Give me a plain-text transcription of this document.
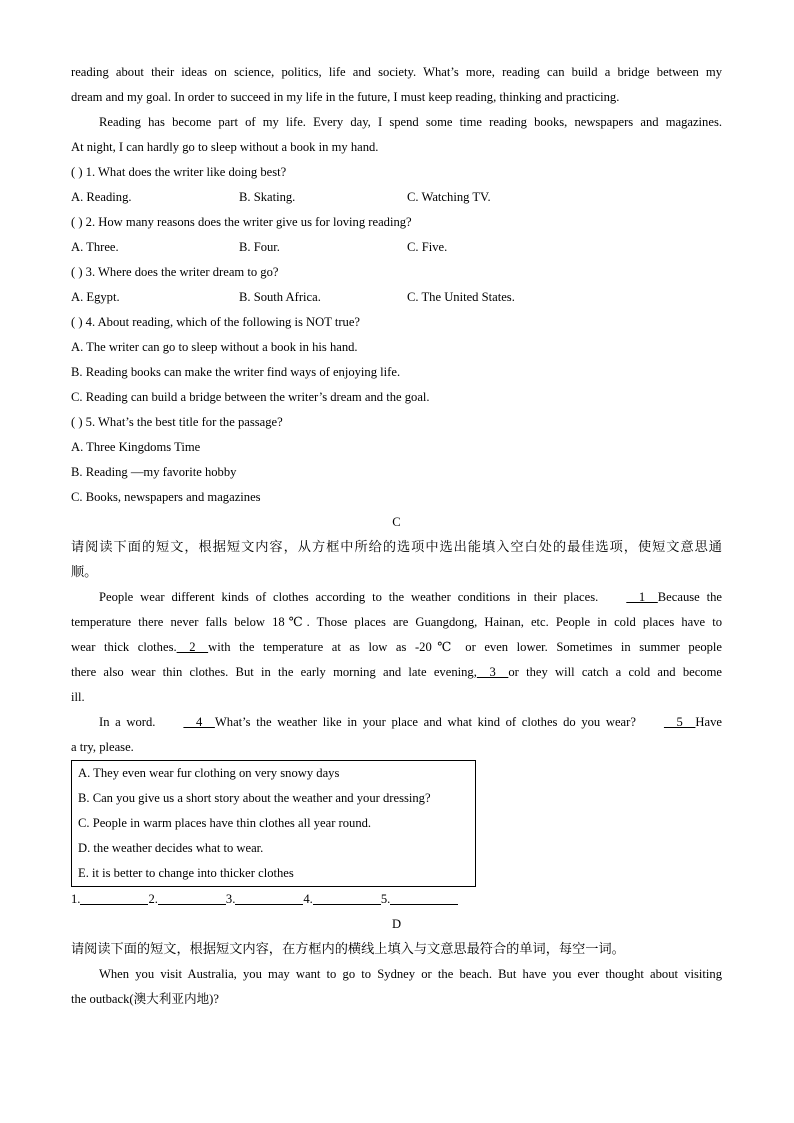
reading about their ideas on science, politics, life and society. What’s more, reading can build a bridge between my
dream and my goal. In order to succeed in my life in the future, I must keep reading, thinking and practicing.
Reading has become part of my life. Every day, I spend some time reading books, newspapers and magazines.
At night, I can hardly go to sleep without a book in my hand.
( ) 1. What does the writer like doing best?
A. Reading.	B. Skating.	C. Watching TV.
( ) 2. How many reasons does the writer give us for loving reading?
A. Three.	B. Four.	C. Five.
( ) 3. Where does the writer dream to go?
A. Egypt.	B. South Africa.	C. The United States.
( ) 4. About reading, which of the following is NOT true?
A. The writer can go to sleep without a book in his hand.
B. Reading books can make the writer find ways of enjoying life.
C. Reading can build a bridge between the writer’s dream and the goal.
( ) 5. What’s the best title for the passage?
A. Three Kingdoms Time
B. Reading —my favorite hobby
C. Books, newspapers and magazines
C
请阅读下面的短文，根据短文内容，从方框中所给的选项中选出能填入空白处的最佳选项，使短文意思通
顺。
People wear different kinds of clothes according to the weather conditions in their places.    1    Because the
temperature there never falls below 18℃. Those places are Guangdong, Hainan, etc. People in cold places have to
wear thick clothes.    2    with the temperature at as low as -20℃ or even lower. Sometimes in summer people
there also wear thin clothes. But in the early morning and late evening,    3    or they will catch a cold and become
ill.
In a word.    4    What’s the weather like in your place and what kind of clothes do you wear?    5    Have
a try, please.
A. They even wear fur clothing on very snowy days
B. Can you give us a short story about the weather and your dressing?
C. People in warm places have thin clothes all year round.
D. the weather decides what to wear.
E. it is better to change into thicker clothes
1.	2.	3.	4.	5.
D
请阅读下面的短文，根据短文内容，在方框内的横线上填入与文意思最符合的单词，每空一词。
When you visit Australia, you may want to go to Sydney or the beach. But have you ever thought about visiting
the outback(澳大利亚内地)?
